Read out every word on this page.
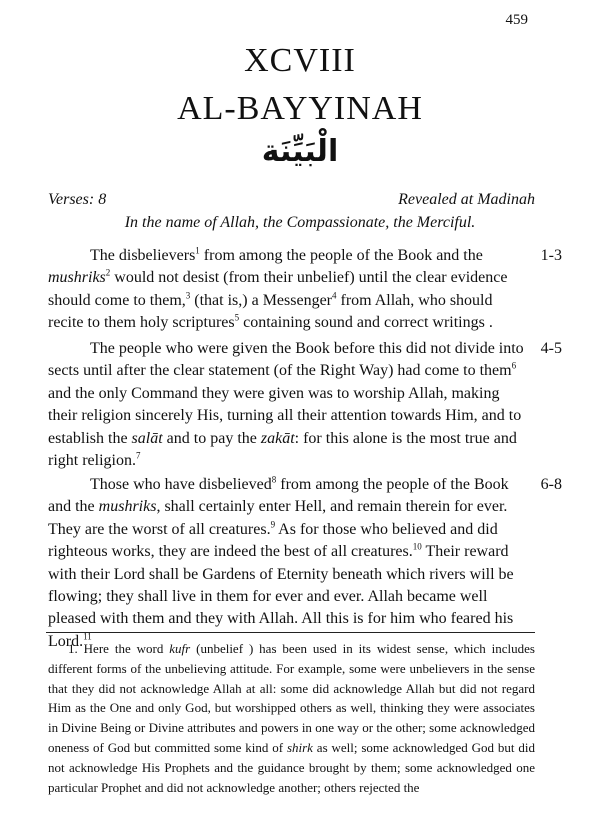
459
XCVIII
AL-BAYYINAH
الْبَيِّنَة
Verses: 8	Revealed at Madinah
In the name of Allah, the Compassionate, the Merciful.

The disbelievers$^1$ from among the people of the Book and the mushriks$^2$ would not desist (from their unbelief) until the clear evidence should come to them,$^3$ (that is,) a Messenger$^4$ from Allah, who should recite to them holy scriptures$^5$ containing sound and correct writings .

1-3

The people who were given the Book before this did not divide into sects until after the clear statement (of the Right Way) had come to them$^6$ and the only Command they were given was to worship Allah, making their religion sincerely His, turning all their attention towards Him, and to establish the salāt and to pay the zakāt: for this alone is the most true and right religion.$^7$

4-5

Those who have disbelieved$^8$ from among the people of the Book and the mushriks, shall certainly enter Hell, and remain therein for ever. They are the worst of all creatures.$^9$ As for those who believed and did righteous works, they are indeed the best of all creatures.$^{10}$ Their reward with their Lord shall be Gardens of Eternity beneath which rivers will be flowing; they shall live in them for ever and ever. Allah became well pleased with them and they with Allah. All this is for him who feared his Lord.$^{11}$

6-8

1. Here the word kufr (unbelief ) has been used in its widest sense, which includes different forms of the unbelieving attitude. For example, some were unbelievers in the sense that they did not acknowledge Allah at all: some did acknowledge Allah but did not regard Him as the One and only God, but worshipped others as well, thinking they were associates in Divine Being or Divine attributes and powers in one way or the other; some acknowledged oneness of God but committed some kind of shirk as well; some acknowledged God but did not acknowledge His Prophets and the guidance brought by them; some acknowledged one particular Prophet and did not acknowledge another; others rejected the
